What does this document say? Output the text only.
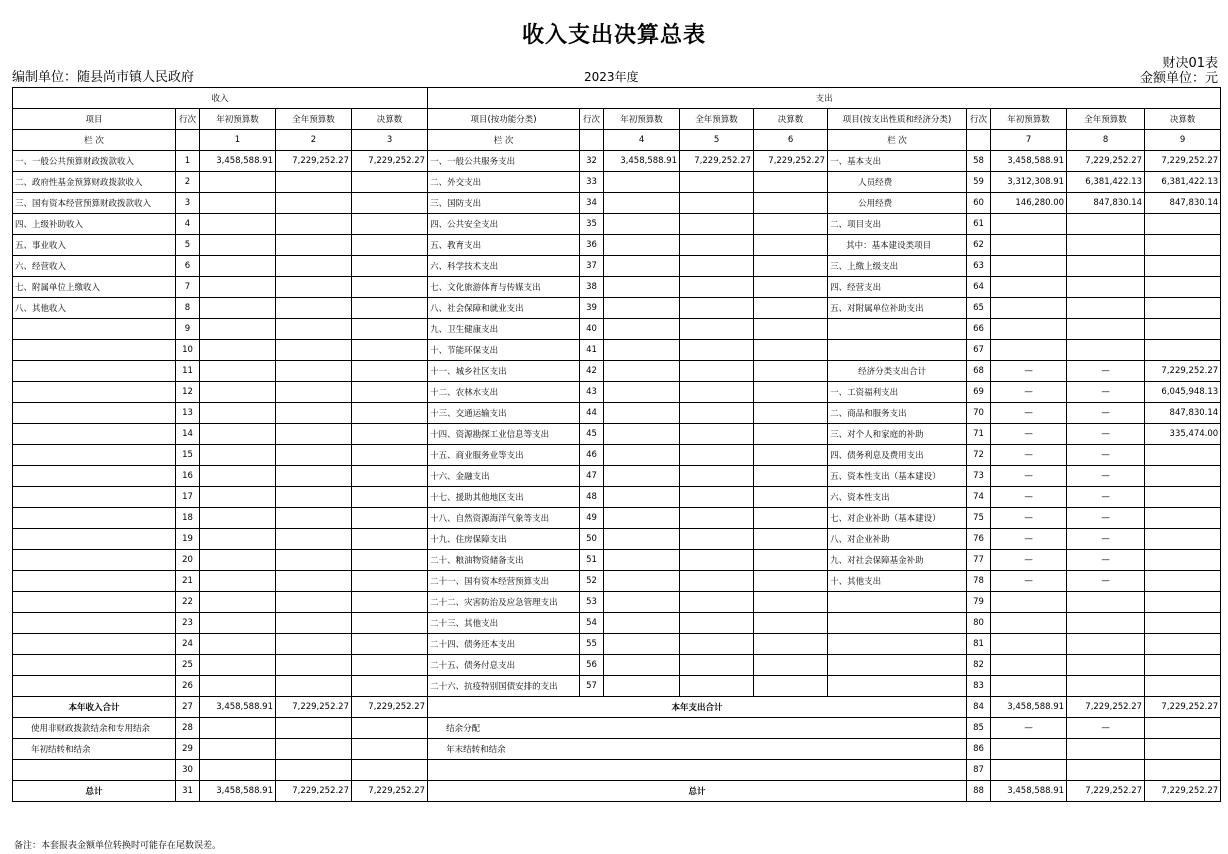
收入支出决算总表
财决01表
编制单位：随县尚市镇人民政府	2023年度	金额单位：元
收入					支出									
项目	行次	年初预算数	全年预算数	决算数	项目(按功能分类)	行次	年初预算数	全年预算数	决算数	项目(按支出性质和经济分类)	行次	年初预算数	全年预算数	决算数
栏 次		1	2	3	栏 次		4	5	6	栏 次		7	8	9
一、一般公共预算财政拨款收入	1	3,458,588.91	7,229,252.27	7,229,252.27	一、一般公共服务支出	32	3,458,588.91	7,229,252.27	7,229,252.27	一、基本支出	58	3,458,588.91	7,229,252.27	7,229,252.27
二、政府性基金预算财政拨款收入	2				二、外交支出	33				人员经费	59	3,312,308.91	6,381,422.13	6,381,422.13
三、国有资本经营预算财政拨款收入	3				三、国防支出	34				公用经费	60	146,280.00	847,830.14	847,830.14
四、上级补助收入	4				四、公共安全支出	35				二、项目支出	61			
五、事业收入	5				五、教育支出	36				其中：基本建设类项目	62			
六、经营收入	6				六、科学技术支出	37				三、上缴上级支出	63			
七、附属单位上缴收入	7				七、文化旅游体育与传媒支出	38				四、经营支出	64			
八、其他收入	8				八、社会保障和就业支出	39				五、对附属单位补助支出	65			
	9				九、卫生健康支出	40					66			
	10				十、节能环保支出	41					67			
	11				十一、城乡社区支出	42				经济分类支出合计	68	—	—	7,229,252.27
	12				十二、农林水支出	43				一、工资福利支出	69	—	—	6,045,948.13
	13				十三、交通运输支出	44				二、商品和服务支出	70	—	—	847,830.14
	14				十四、资源勘探工业信息等支出	45				三、对个人和家庭的补助	71	—	—	335,474.00
	15				十五、商业服务业等支出	46				四、债务利息及费用支出	72	—	—	
	16				十六、金融支出	47				五、资本性支出（基本建设）	73	—	—	
	17				十七、援助其他地区支出	48				六、资本性支出	74	—	—	
	18				十八、自然资源海洋气象等支出	49				七、对企业补助（基本建设）	75	—	—	
	19				十九、住房保障支出	50				八、对企业补助	76	—	—	
	20				二十、粮油物资储备支出	51				九、对社会保障基金补助	77	—	—	
	21				二十一、国有资本经营预算支出	52				十、其他支出	78	—	—	
	22				二十二、灾害防治及应急管理支出	53					79			
	23				二十三、其他支出	54					80			
	24				二十四、债务还本支出	55					81			
	25				二十五、债务付息支出	56					82			
	26				二十六、抗疫特别国债安排的支出	57					83			
本年收入合计	27	3,458,588.91	7,229,252.27	7,229,252.27	本年支出合计						84	3,458,588.91	7,229,252.27	7,229,252.27
使用非财政拨款结余和专用结余	28				结余分配						85	—	—	
年初结转和结余	29				年末结转和结余						86			
	30										87			
总计	31	3,458,588.91	7,229,252.27	7,229,252.27	总计						88	3,458,588.91	7,229,252.27	7,229,252.27
备注：本套报表金额单位转换时可能存在尾数误差。
